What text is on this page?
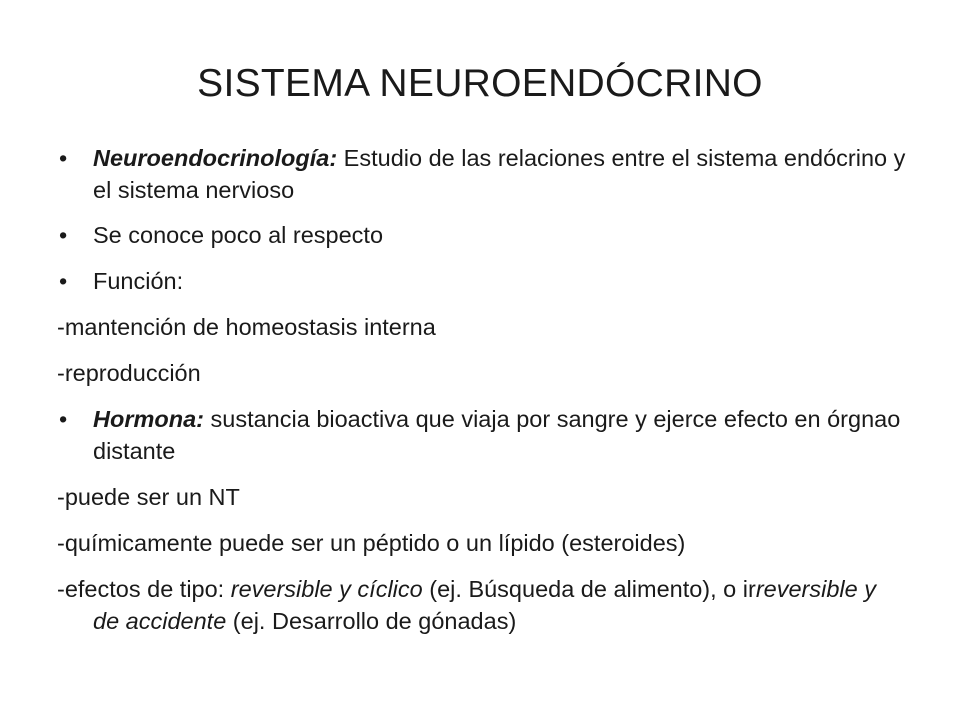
SISTEMA NEUROENDÓCRINO
•	Neuroendocrinología: Estudio de las relaciones entre el sistema endócrino y el sistema nervioso
•	Se conoce poco al respecto
•	Función:
-mantención de homeostasis interna
-reproducción
•	Hormona: sustancia bioactiva que viaja por sangre y ejerce efecto en órgnao distante
-puede ser un NT
-químicamente puede ser un péptido o un lípido (esteroides)
-efectos de tipo: reversible y cíclico (ej. Búsqueda de alimento), o irreversible y de accidente (ej. Desarrollo de gónadas)
